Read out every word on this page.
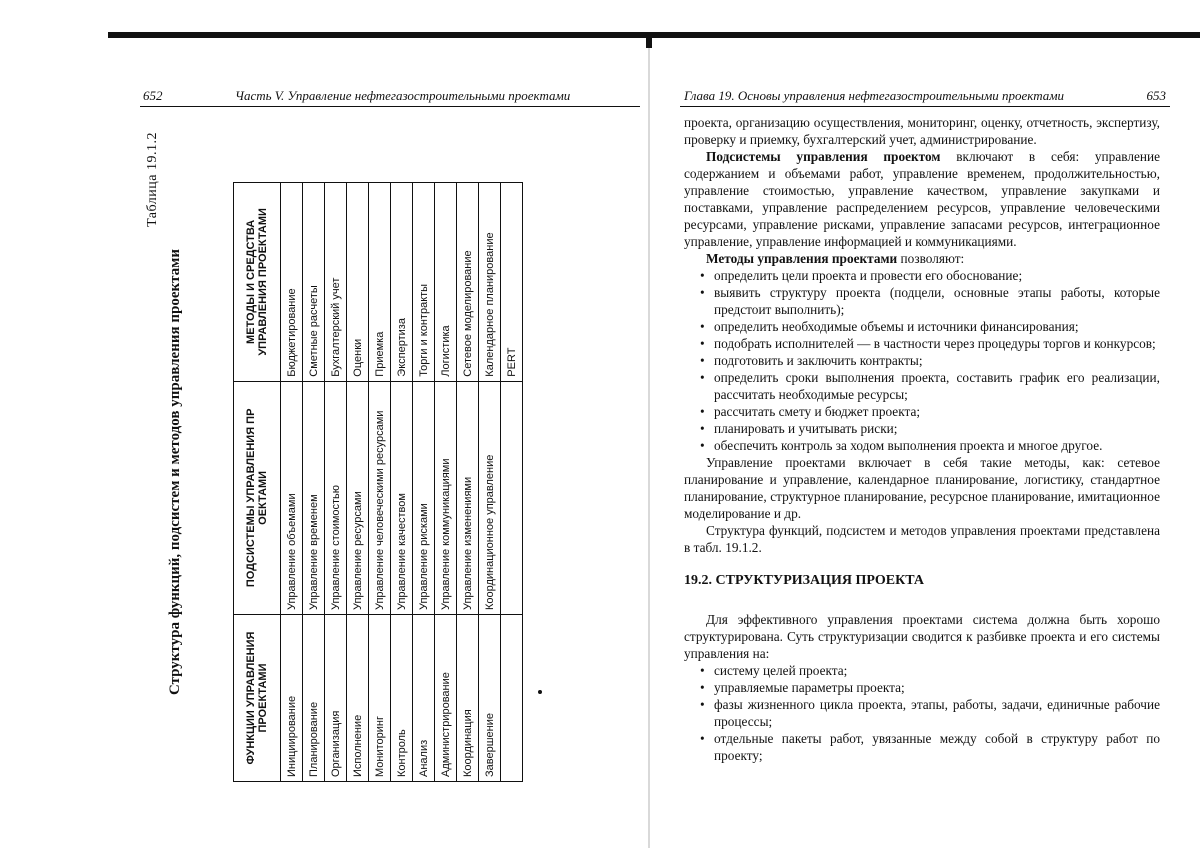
652	Часть V. Управление нефтегазостроительными проектами
Таблица 19.1.2
Структура функций, подсистем и методов управления проектами
ФУНКЦИИ УПРАВЛЕНИЯ ПРОЕКТАМИ	ПОДСИСТЕМЫ УПРАВЛЕНИЯ ПР ОЕКТАМИ	МЕТОДЫ И СРЕДСТВА УПРАВЛЕНИЯ ПРОЕКТАМИ
Инициирование	Управление объемами	Бюджетирование
Планирование	Управление временем	Сметные расчеты
Организация	Управление стоимостью	Бухгалтерский учет
Исполнение	Управление ресурсами	Оценки
Мониторинг	Управление человеческими ресурсами	Приемка
Контроль	Управление качеством	Экспертиза
Анализ	Управление рисками	Торги и контракты
Администрирование	Управление коммуникациями	Логистика
Координация	Управление изменениями	Сетевое моделирование
Завершение	Координационное управление	Календарное планирование
		PERT
Глава 19. Основы управления нефтегазостроительными проектами	653

проекта, организацию осуществления, мониторинг, оценку, отчетность, экспертизу, проверку и приемку, бухгалтерский учет, администрирование.

Подсистемы управления проектом включают в себя: управление содержанием и объемами работ, управление временем, продолжительностью, управление стоимостью, управление качеством, управление закупками и поставками, управление распределением ресурсов, управление человеческими ресурсами, управление рисками, управление запасами ресурсов, интеграционное управление, управление информацией и коммуникациями.

Методы управления проектами позволяют:

• определить цели проекта и провести его обоснование;
• выявить структуру проекта (подцели, основные этапы работы, которые предстоит выполнить);
• определить необходимые объемы и источники финансирования;
• подобрать исполнителей — в частности через процедуры торгов и конкурсов;
• подготовить и заключить контракты;
• определить сроки выполнения проекта, составить график его реализации, рассчитать необходимые ресурсы;
• рассчитать смету и бюджет проекта;
• планировать и учитывать риски;
• обеспечить контроль за ходом выполнения проекта и многое другое.

Управление проектами включает в себя такие методы, как: сетевое планирование и управление, календарное планирование, логистику, стандартное планирование, структурное планирование, ресурсное планирование, имитационное моделирование и др.

Структура функций, подсистем и методов управления проектами представлена в табл. 19.1.2.

19.2. СТРУКТУРИЗАЦИЯ ПРОЕКТА

Для эффективного управления проектами система должна быть хорошо структурирована. Суть структуризации сводится к разбивке проекта и его системы управления на:

• систему целей проекта;
• управляемые параметры проекта;
• фазы жизненного цикла проекта, этапы, работы, задачи, единичные рабочие процессы;
• отдельные пакеты работ, увязанные между собой в структуру работ по проекту;
